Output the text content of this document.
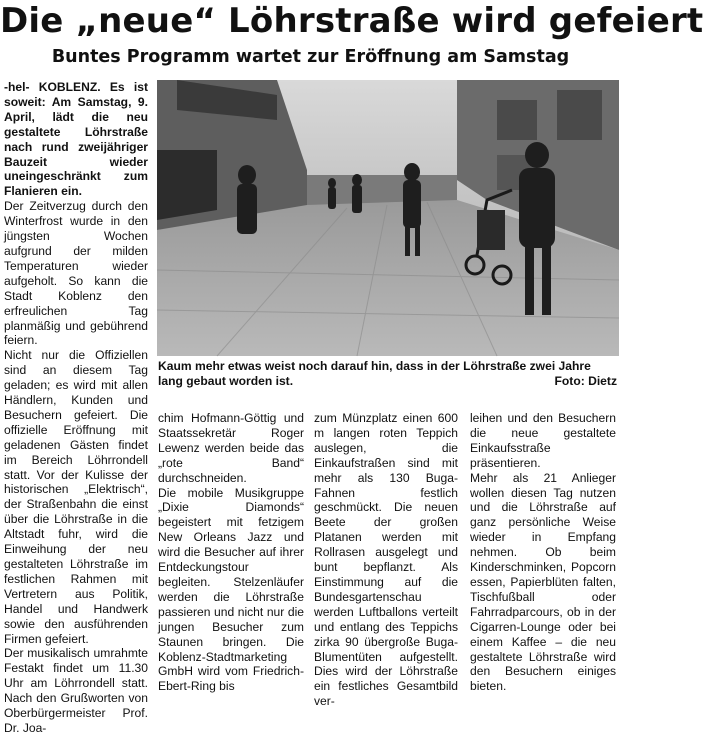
Die „neue“ Löhrstraße wird gefeiert
Buntes Programm wartet zur Eröffnung am Samstag

-hel- KOBLENZ. Es ist soweit: Am Samstag, 9. April, lädt die neu gestaltete Löhrstraße nach rund zweijähriger Bauzeit wieder uneingeschränkt zum Flanieren ein.

Der Zeitverzug durch den Winterfrost wurde in den jüngsten Wochen aufgrund der milden Temperaturen wieder aufgeholt. So kann die Stadt Koblenz den erfreulichen Tag planmäßig und gebührend feiern.

Nicht nur die Offiziellen sind an diesem Tag geladen; es wird mit allen Händlern, Kunden und Besuchern gefeiert. Die offizielle Eröffnung mit geladenen Gästen findet im Bereich Löhrrondell statt. Vor der Kulisse der historischen „Elektrisch“, der Straßenbahn die einst über die Löhrstraße in die Altstadt fuhr, wird die Einweihung der neu gestalteten Löhrstraße im festlichen Rahmen mit Vertretern aus Politik, Handel und Handwerk sowie den ausführenden Firmen gefeiert.

Der musikalisch umrahmte Festakt findet um 11.30 Uhr am Löhrrondell statt. Nach den Grußworten von Oberbürgermeister Prof. Dr. Joa-

Kaum mehr etwas weist noch darauf hin, dass in der Löhrstraße zwei Jahre lang gebaut worden ist.	Foto: Dietz

chim Hofmann-Göttig und Staatssekretär Roger Lewenz werden beide das „rote Band“ durchschneiden.

Die mobile Musikgruppe „Dixie Diamonds“ begeistert mit fetzigem New Orleans Jazz und wird die Besucher auf ihrer Entdeckungstour begleiten. Stelzenläufer werden die Löhrstraße passieren und nicht nur die jungen Besucher zum Staunen bringen. Die Koblenz-Stadtmarketing GmbH wird vom Friedrich-Ebert-Ring bis

zum Münzplatz einen 600 m langen roten Teppich auslegen, die Einkaufstraßen sind mit mehr als 130 Buga-Fahnen festlich geschmückt. Die neuen Beete der großen Platanen werden mit Rollrasen ausgelegt und bunt bepflanzt. Als Einstimmung auf die Bundesgartenschau werden Luftballons verteilt und entlang des Teppichs zirka 90 übergroße Buga-Blumentüten aufgestellt. Dies wird der Löhrstraße ein festliches Gesamtbild ver-

leihen und den Besuchern die neue gestaltete Einkaufsstraße präsentieren.

Mehr als 21 Anlieger wollen diesen Tag nutzen und die Löhrstraße auf ganz persönliche Weise wieder in Empfang nehmen. Ob beim Kinderschminken, Popcorn essen, Papierblüten falten, Tischfußball oder Fahrradparcours, ob in der Cigarren-Lounge oder bei einem Kaffee – die neu gestaltete Löhrstraße wird den Besuchern einiges bieten.
